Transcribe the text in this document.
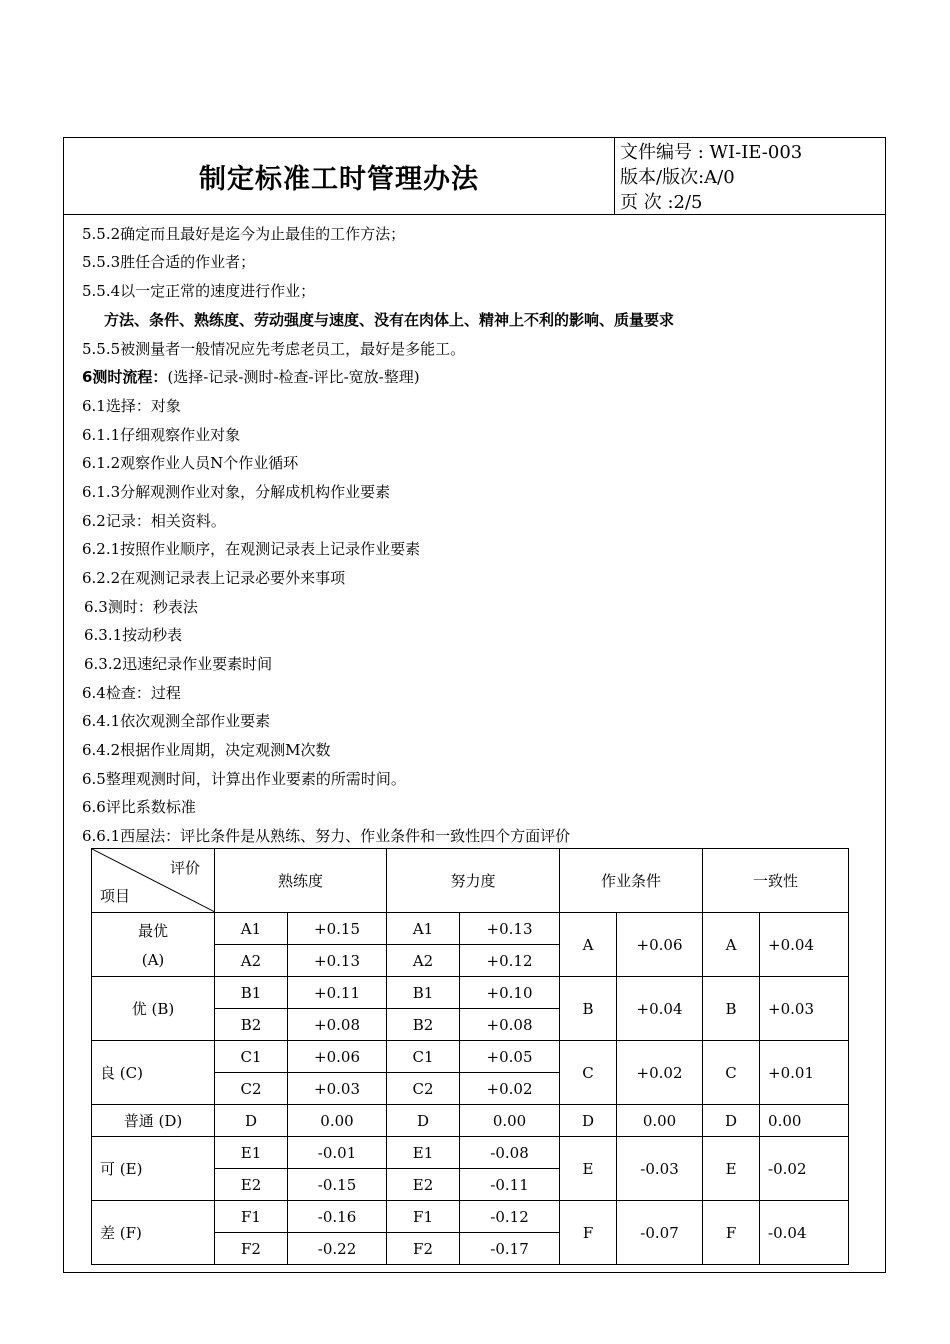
制定标准工时管理办法
文件编号 : WI-IE-003
版本/版次:A/0
页 次 :2/5
5.5.2确定而且最好是迄今为止最佳的工作方法；
5.5.3胜任合适的作业者；
5.5.4以一定正常的速度进行作业；
方法、条件、熟练度、劳动强度与速度、没有在肉体上、精神上不利的影响、质量要求
5.5.5被测量者一般情况应先考虑老员工，最好是多能工。
6测时流程：(选择-记录-测时-检查-评比-宽放-整理)
6.1选择：对象
6.1.1仔细观察作业对象
6.1.2观察作业人员N个作业循环
6.1.3分解观测作业对象，分解成机构作业要素
6.2记录：相关资料。
6.2.1按照作业顺序，在观测记录表上记录作业要素
6.2.2在观测记录表上记录必要外来事项
6.3测时：秒表法
6.3.1按动秒表
6.3.2迅速纪录作业要素时间
6.4检查：过程
6.4.1依次观测全部作业要素
6.4.2根据作业周期，决定观测M次数
6.5整理观测时间，计算出作业要素的所需时间。
6.6评比系数标准
6.6.1西屋法：评比条件是从熟练、努力、作业条件和一致性四个方面评价
评价
项目	熟练度		努力度		作业条件		一致性	

最优
(A)	A1	+0.15	A1	+0.13	A	+0.06	A	+0.04
	A2	+0.13	A2	+0.12				
优 (B)	B1	+0.11	B1	+0.10	B	+0.04	B	+0.03
	B2	+0.08	B2	+0.08				
良 (C)	C1	+0.06	C1	+0.05	C	+0.02	C	+0.01
	C2	+0.03	C2	+0.02				
普通 (D)	D	0.00	D	0.00	D	0.00	D	0.00
可 (E)	E1	-0.01	E1	-0.08	E	-0.03	E	-0.02
	E2	-0.15	E2	-0.11				
差 (F)	F1	-0.16	F1	-0.12	F	-0.07	F	-0.04
	F2	-0.22	F2	-0.17				
